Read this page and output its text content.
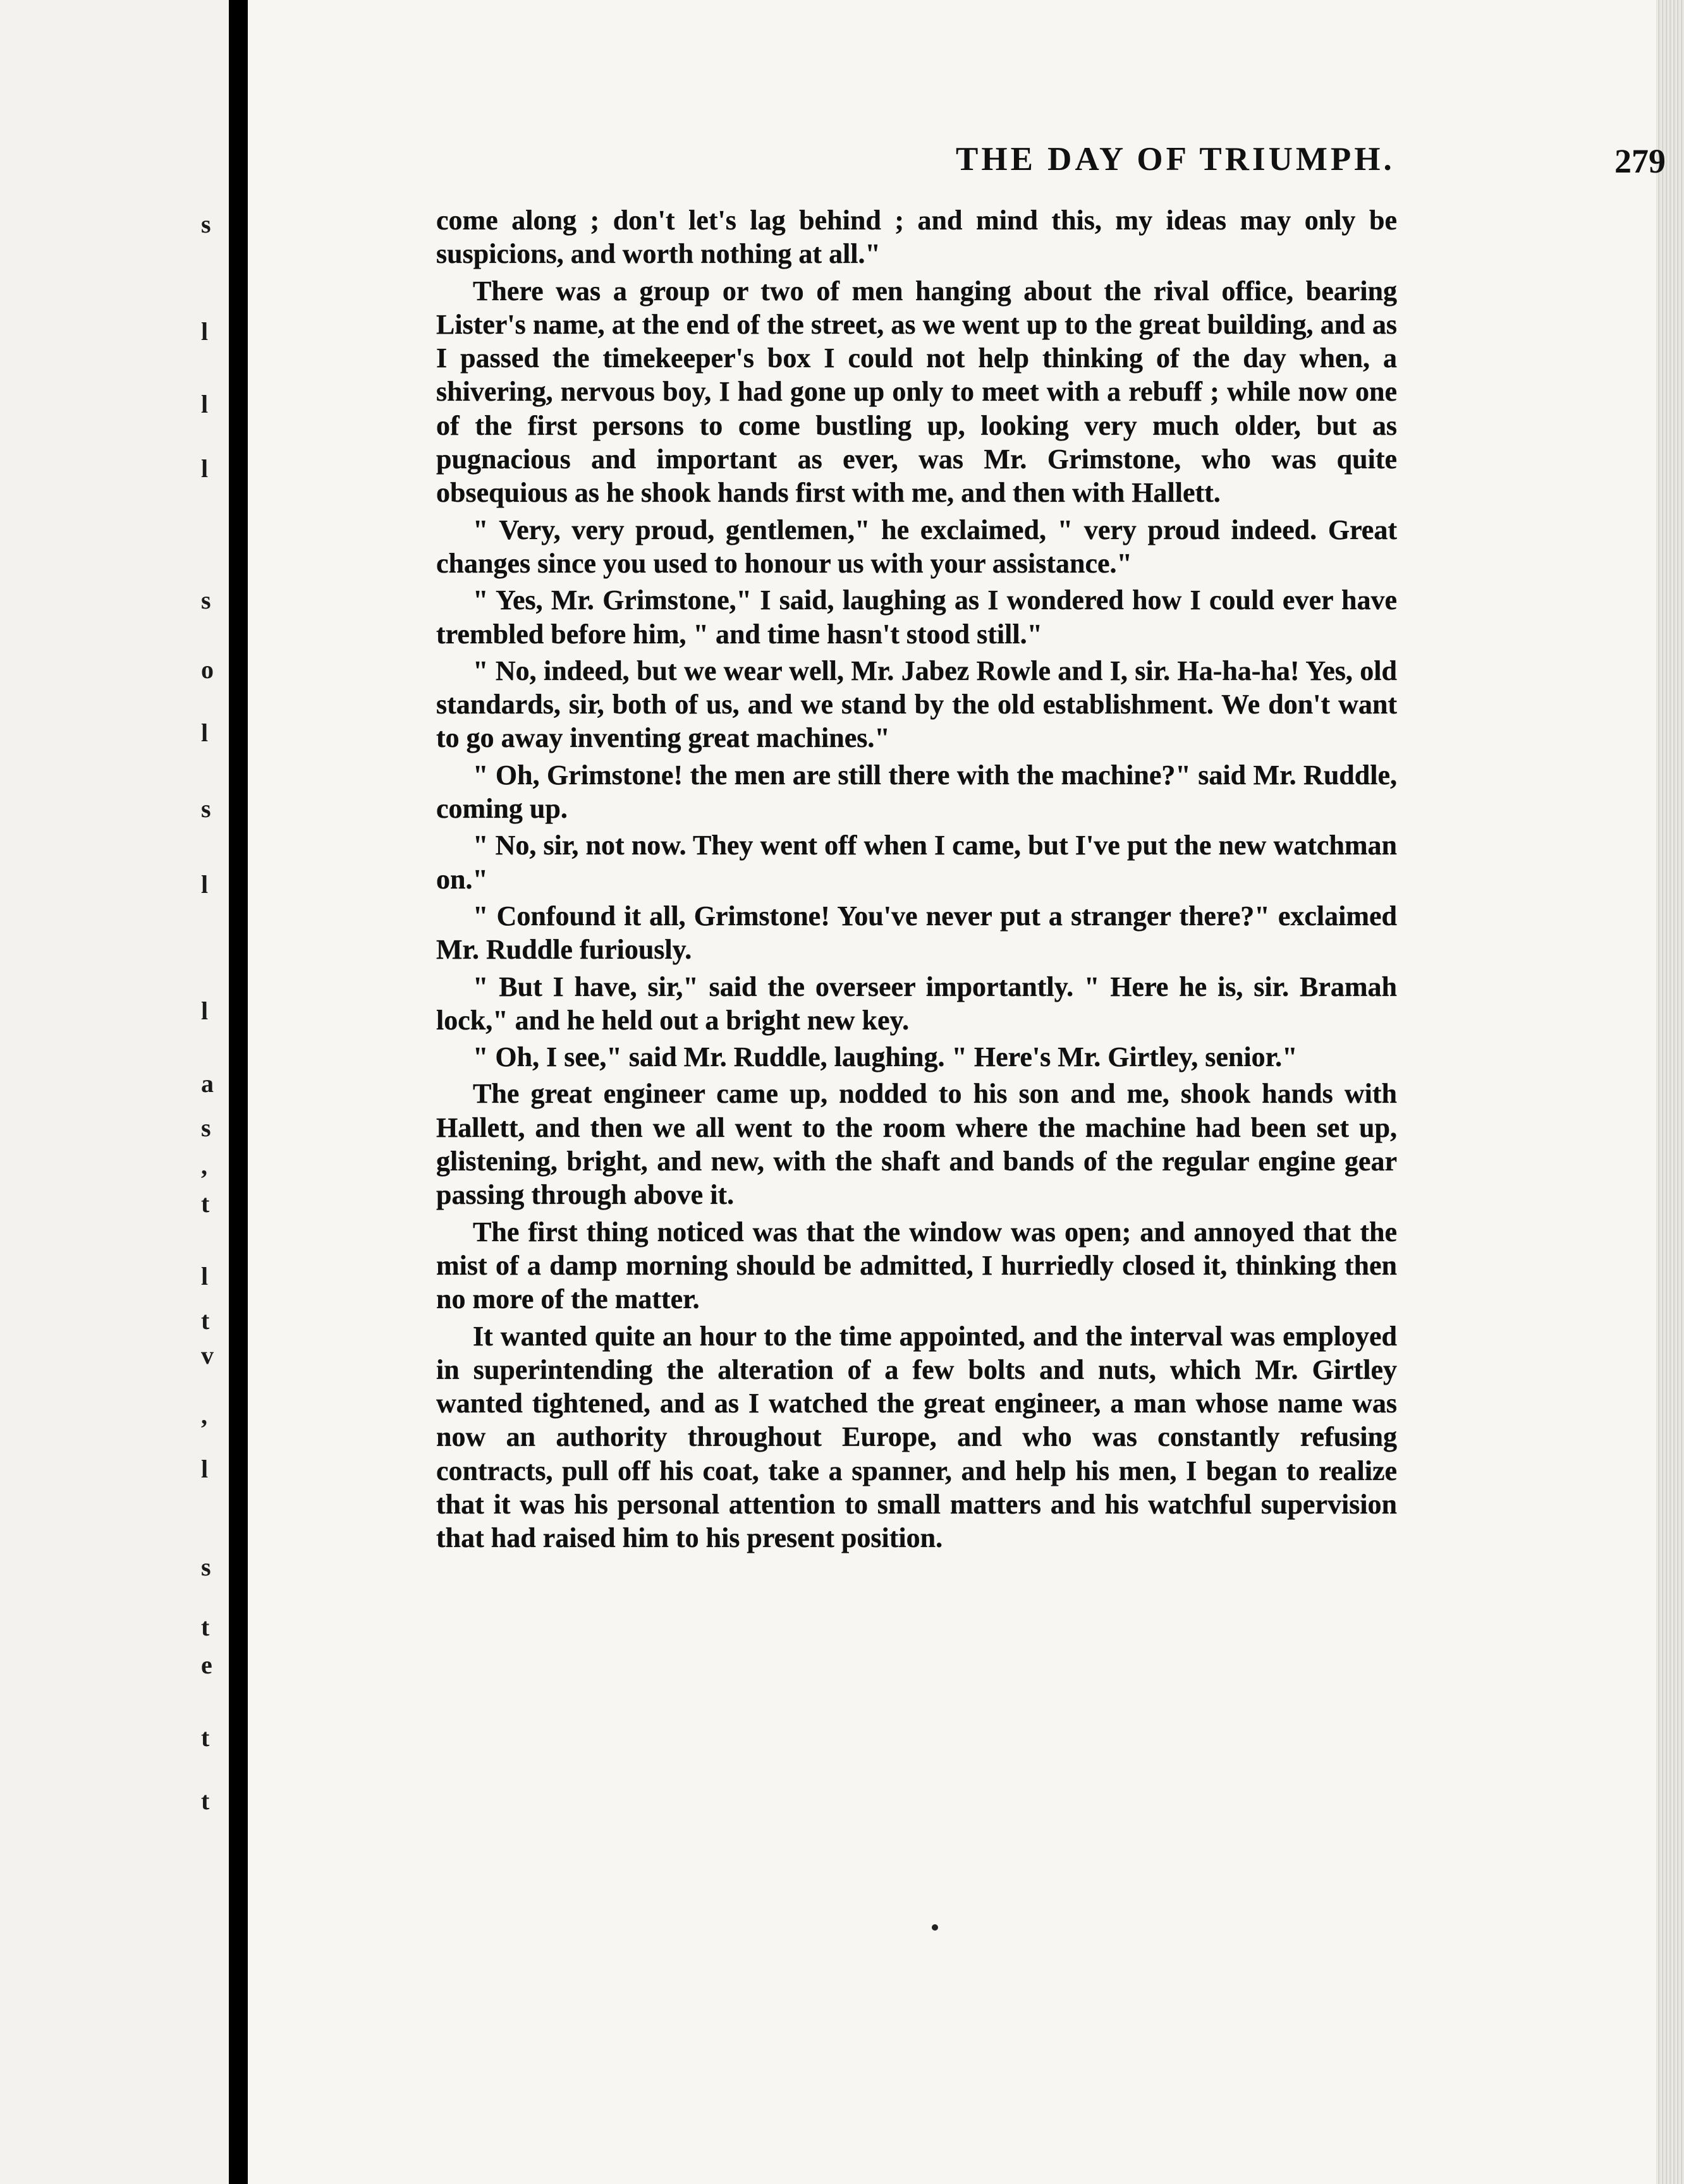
s
l
l
l
s
o
l
s
l
l
a
s
,
t
l
t
v
,
l
s
t
e
t
t
THE DAY OF TRIUMPH.	279

come along ; don't let's lag behind ; and mind this, my ideas may only be suspicions, and worth nothing at all."

There was a group or two of men hanging about the rival office, bearing Lister's name, at the end of the street, as we went up to the great building, and as I passed the timekeeper's box I could not help thinking of the day when, a shivering, nervous boy, I had gone up only to meet with a rebuff ; while now one of the first persons to come bustling up, looking very much older, but as pugnacious and important as ever, was Mr. Grimstone, who was quite obsequious as he shook hands first with me, and then with Hallett.

" Very, very proud, gentlemen," he exclaimed, " very proud indeed. Great changes since you used to honour us with your assistance."

" Yes, Mr. Grimstone," I said, laughing as I wondered how I could ever have trembled before him, " and time hasn't stood still."

" No, indeed, but we wear well, Mr. Jabez Rowle and I, sir. Ha-ha-ha! Yes, old standards, sir, both of us, and we stand by the old establishment. We don't want to go away inventing great machines."

" Oh, Grimstone! the men are still there with the machine?" said Mr. Ruddle, coming up.

" No, sir, not now. They went off when I came, but I've put the new watchman on."

" Confound it all, Grimstone! You've never put a stranger there?" exclaimed Mr. Ruddle furiously.

" But I have, sir," said the overseer importantly. " Here he is, sir. Bramah lock," and he held out a bright new key.

" Oh, I see," said Mr. Ruddle, laughing. " Here's Mr. Girtley, senior."

The great engineer came up, nodded to his son and me, shook hands with Hallett, and then we all went to the room where the machine had been set up, glistening, bright, and new, with the shaft and bands of the regular engine gear passing through above it.

The first thing noticed was that the window was open; and annoyed that the mist of a damp morning should be admitted, I hurriedly closed it, thinking then no more of the matter.

It wanted quite an hour to the time appointed, and the interval was employed in superintending the alteration of a few bolts and nuts, which Mr. Girtley wanted tightened, and as I watched the great engineer, a man whose name was now an authority throughout Europe, and who was constantly refusing contracts, pull off his coat, take a spanner, and help his men, I began to realize that it was his personal attention to small matters and his watchful supervision that had raised him to his present position.
